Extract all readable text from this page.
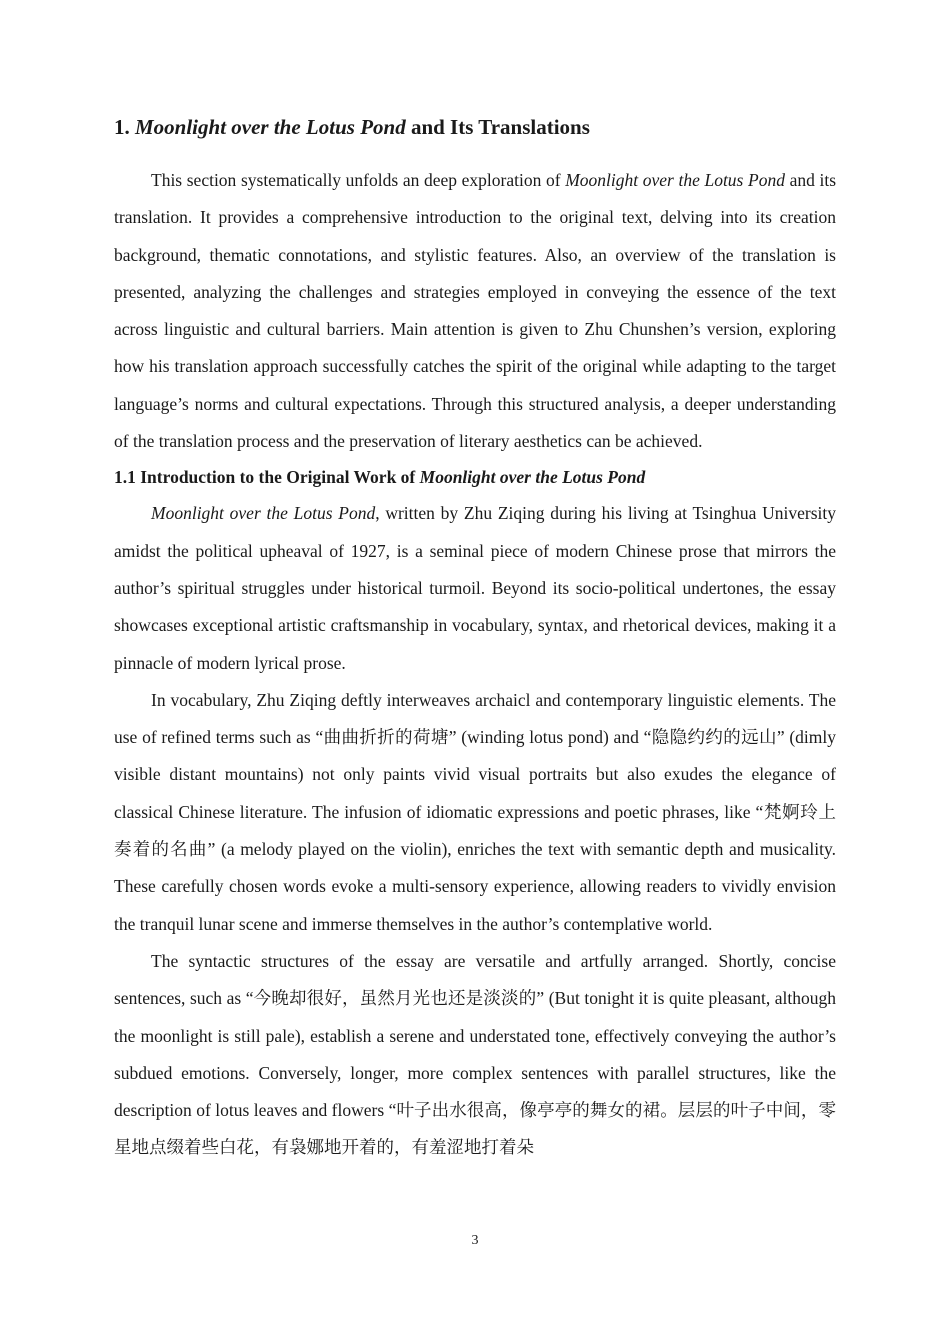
1. Moonlight over the Lotus Pond and Its Translations

This section systematically unfolds an deep exploration of Moonlight over the Lotus Pond and its translation. It provides a comprehensive introduction to the original text, delving into its creation background, thematic connotations, and stylistic features. Also, an overview of the translation is presented, analyzing the challenges and strategies employed in conveying the essence of the text across linguistic and cultural barriers. Main attention is given to Zhu Chunshen’s version, exploring how his translation approach successfully catches the spirit of the original while adapting to the target language’s norms and cultural expectations. Through this structured analysis, a deeper understanding of the translation process and the preservation of literary aesthetics can be achieved.

1.1 Introduction to the Original Work of Moonlight over the Lotus Pond

Moonlight over the Lotus Pond, written by Zhu Ziqing during his living at Tsinghua University amidst the political upheaval of 1927, is a seminal piece of modern Chinese prose that mirrors the author’s spiritual struggles under historical turmoil. Beyond its socio-political undertones, the essay showcases exceptional artistic craftsmanship in vocabulary, syntax, and rhetorical devices, making it a pinnacle of modern lyrical prose.

In vocabulary, Zhu Ziqing deftly interweaves archaicl and contemporary linguistic elements. The use of refined terms such as “曲曲折折的荷塘” (winding lotus pond) and “隐隐约约的远山” (dimly visible distant mountains) not only paints vivid visual portraits but also exudes the elegance of classical Chinese literature. The infusion of idiomatic expressions and poetic phrases, like “梵婀玲上奏着的名曲” (a melody played on the violin), enriches the text with semantic depth and musicality. These carefully chosen words evoke a multi-sensory experience, allowing readers to vividly envision the tranquil lunar scene and immerse themselves in the author’s contemplative world.

The syntactic structures of the essay are versatile and artfully arranged. Shortly, concise sentences, such as “今晚却很好，虽然月光也还是淡淡的” (But tonight it is quite pleasant, although the moonlight is still pale), establish a serene and understated tone, effectively conveying the author’s subdued emotions. Conversely, longer, more complex sentences with parallel structures, like the description of lotus leaves and flowers “叶子出水很高，像亭亭的舞女的裙。层层的叶子中间，零星地点缀着些白花，有袅娜地开着的，有羞涩地打着朵

3
